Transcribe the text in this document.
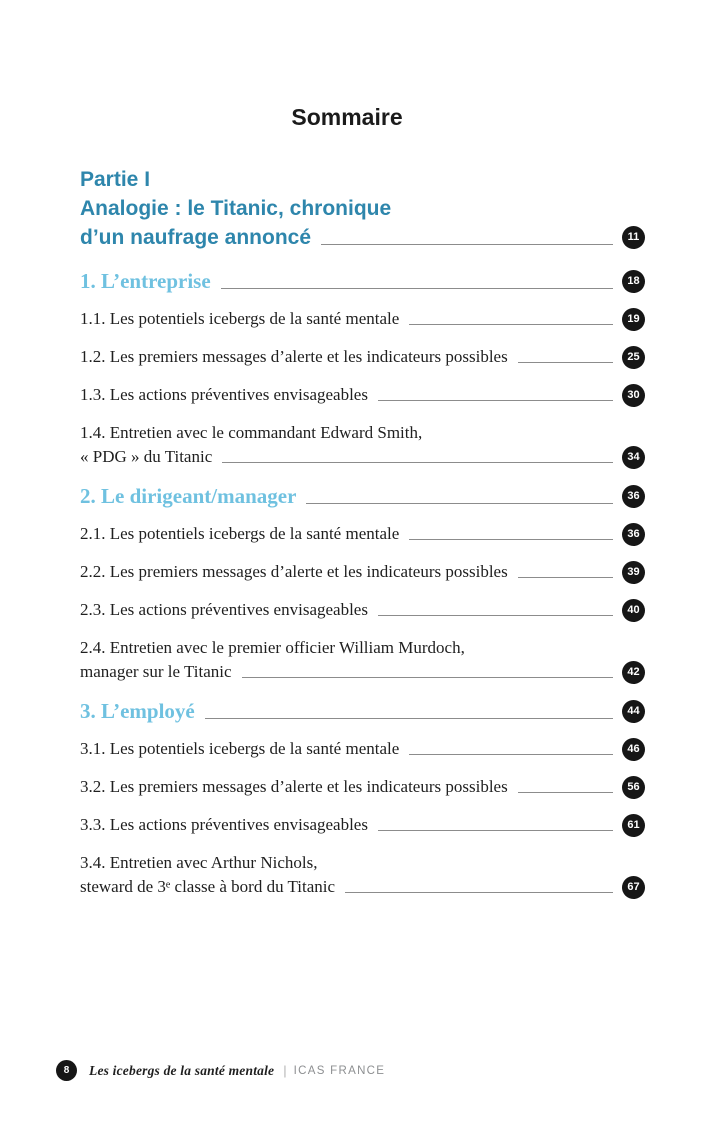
Sommaire
Partie I
Analogie : le Titanic, chronique
d’un naufrage annoncé	11
1. L’entreprise	18
1.1. Les potentiels icebergs de la santé mentale	19
1.2. Les premiers messages d’alerte et les indicateurs possibles	25
1.3. Les actions préventives envisageables	30
1.4. Entretien avec le commandant Edward Smith,
« PDG » du Titanic	34
2. Le dirigeant/manager	36
2.1. Les potentiels icebergs de la santé mentale	36
2.2. Les premiers messages d’alerte et les indicateurs possibles	39
2.3. Les actions préventives envisageables	40
2.4. Entretien avec le premier officier William Murdoch,
manager sur le Titanic	42
3. L’employé	44
3.1. Les potentiels icebergs de la santé mentale	46
3.2. Les premiers messages d’alerte et les indicateurs possibles	56
3.3. Les actions préventives envisageables	61
3.4. Entretien avec Arthur Nichols,
steward de 3ᵉ classe à bord du Titanic	67
8	Les icebergs de la santé mentale | ICAS FRANCE
